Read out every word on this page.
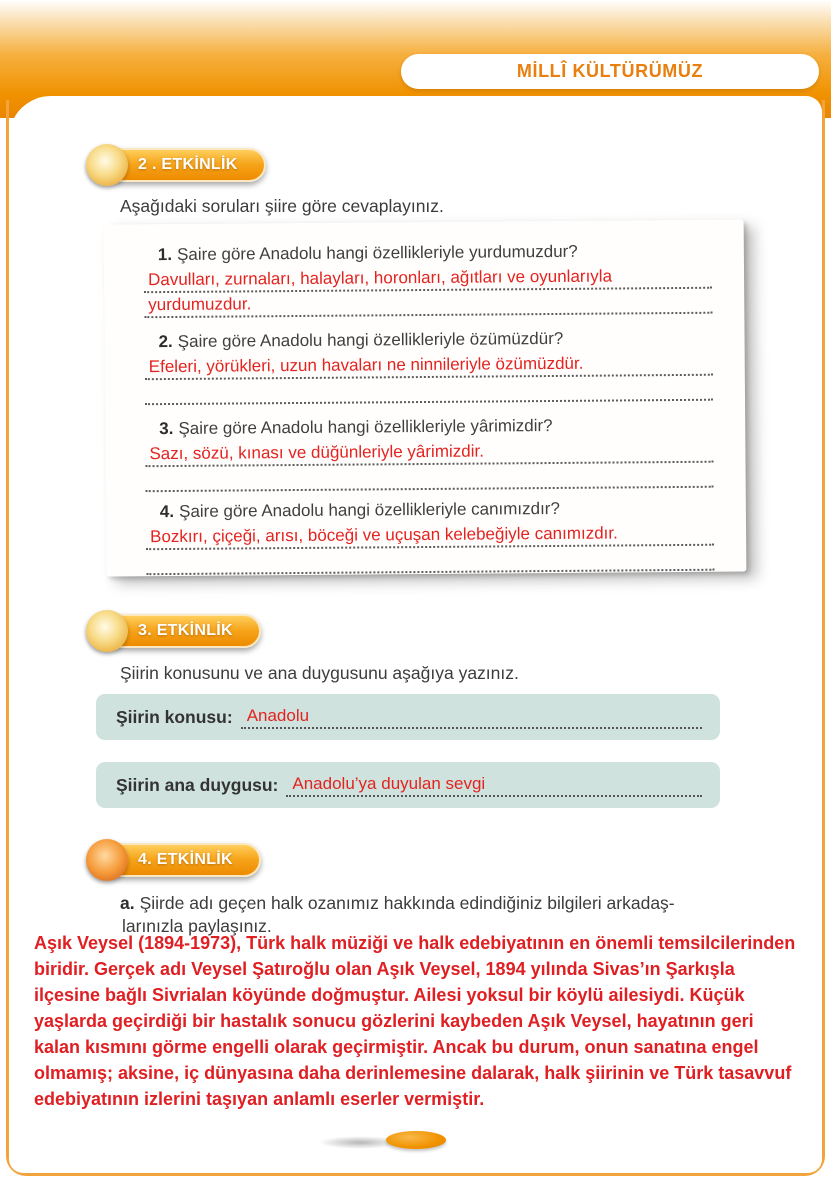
MİLLÎ KÜLTÜRÜMÜZ
2 . ETKİNLİK

Aşağıdaki soruları şiire göre cevaplayınız.

1. Şaire göre Anadolu hangi özellikleriyle yurdumuzdur?

Davulları, zurnaları, halayları, horonları, ağıtları ve oyunlarıyla
yurdumuzdur.

2. Şaire göre Anadolu hangi özellikleriyle özümüzdür?

Efeleri, yörükleri, uzun havaları ne ninnileriyle özümüzdür.

3. Şaire göre Anadolu hangi özellikleriyle yârimizdir?

Sazı, sözü, kınası ve düğünleriyle yârimizdir.

4. Şaire göre Anadolu hangi özellikleriyle canımızdır?

Bozkırı, çiçeği, arısı, böceği ve uçuşan kelebeğiyle canımızdır.
3. ETKİNLİK

Şiirin konusunu ve ana duygusunu aşağıya yazınız.

Şiirin konusu: Anadolu
Şiirin ana duygusu: Anadolu’ya duyulan sevgi
4. ETKİNLİK

a. Şiirde adı geçen halk ozanımız hakkında edindiğiniz bilgileri arkadaş-

larınızla paylaşınız.

Aşık Veysel (1894-1973), Türk halk müziği ve halk edebiyatının en önemli temsilcilerinden biridir. Gerçek adı Veysel Şatıroğlu olan Aşık Veysel, 1894 yılında Sivas’ın Şarkışla ilçesine bağlı Sivrialan köyünde doğmuştur. Ailesi yoksul bir köylü ailesiydi. Küçük yaşlarda geçirdiği bir hastalık sonucu gözlerini kaybeden Aşık Veysel, hayatının geri kalan kısmını görme engelli olarak geçirmiştir. Ancak bu durum, onun sanatına engel olmamış; aksine, iç dünyasına daha derinlemesine dalarak, halk şiirinin ve Türk tasavvuf edebiyatının izlerini taşıyan anlamlı eserler vermiştir.
